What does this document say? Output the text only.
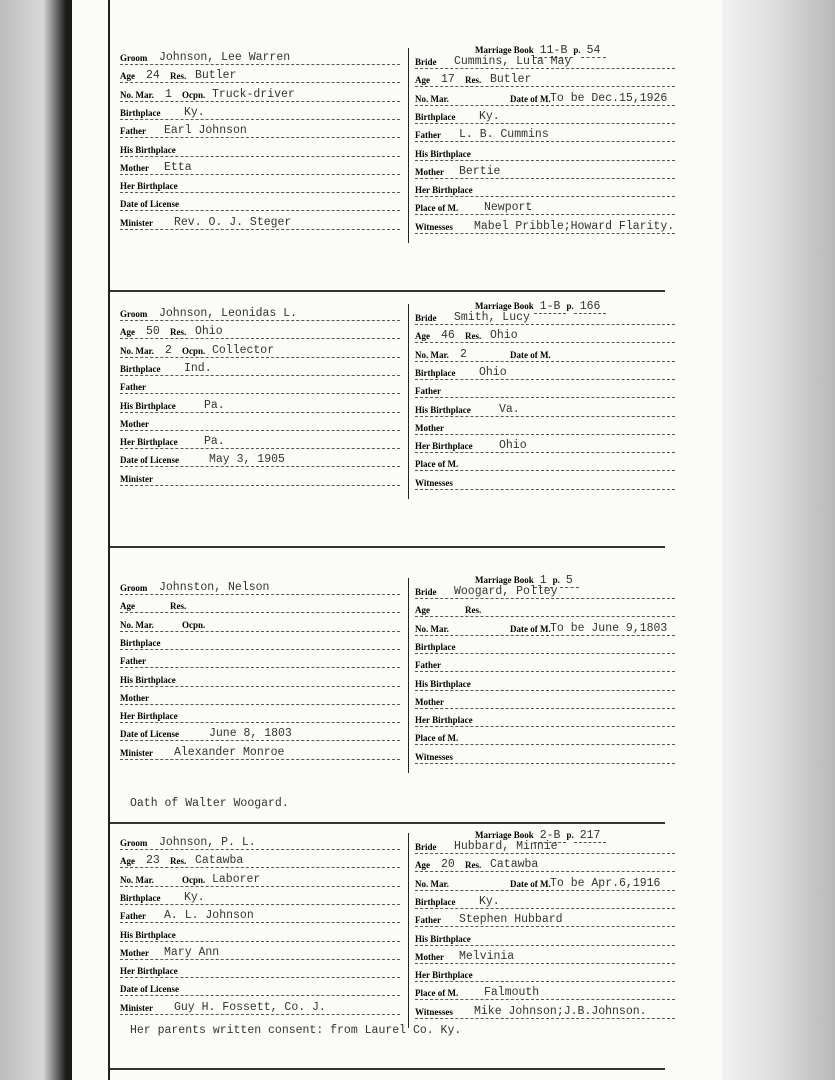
Groom Johnson, Lee Warren
Age 24 Res. Butler
No. Mar. 1 Ocpn. Truck-driver
Birthplace Ky.
Father Earl Johnson
His Birthplace
Mother Etta
Her Birthplace
Date of License
Minister Rev. O. J. Steger
Marriage Book 11-B p. 54
Bride Cummins, Lula May
Age 17 Res. Butler
No. Mar.	Date of M. To be Dec.15,1926
Birthplace Ky.
Father L. B. Cummins
His Birthplace
Mother Bertie
Her Birthplace
Place of M. Newport
Witnesses Mabel Pribble;Howard Flarity.
Groom Johnson, Leonidas L.
Age 50 Res. Ohio
No. Mar. 2 Ocpn. Collector
Birthplace Ind.
Father
His Birthplace Pa.
Mother
Her Birthplace Pa.
Date of License	May 3, 1905
Minister
Marriage Book 1-B p. 166
Bride Smith, Lucy
Age 46 Res. Ohio
No. Mar. 2	Date of M.
Birthplace Ohio
Father
His Birthplace Va.
Mother
Her Birthplace Ohio
Place of M.
Witnesses
Groom Johnston, Nelson
Age	Res.
No. Mar.	Ocpn.
Birthplace
Father
His Birthplace
Mother
Her Birthplace
Date of License	June 8, 1803
Minister Alexander Monroe
Marriage Book 1 p. 5
Bride Woogard, Polley
Age	Res.
No. Mar.	Date of M. To be June 9,1803
Birthplace
Father
His Birthplace
Mother
Her Birthplace
Place of M.
Witnesses
Oath of Walter Woogard.
Groom Johnson, P. L.
Age 23 Res. Catawba
No. Mar.	Ocpn. Laborer
Birthplace Ky.
Father A. L. Johnson
His Birthplace
Mother Mary Ann
Her Birthplace
Date of License
Minister Guy H. Fossett, Co. J.
Marriage Book 2-B p. 217
Bride Hubbard, Minnie
Age 20 Res. Catawba
No. Mar.	Date of M. To be Apr.6,1916
Birthplace Ky.
Father Stephen Hubbard
His Birthplace
Mother Melvinia
Her Birthplace
Place of M. Falmouth
Witnesses Mike Johnson;J.B.Johnson.
Her parents written consent: from Laurel Co. Ky.
